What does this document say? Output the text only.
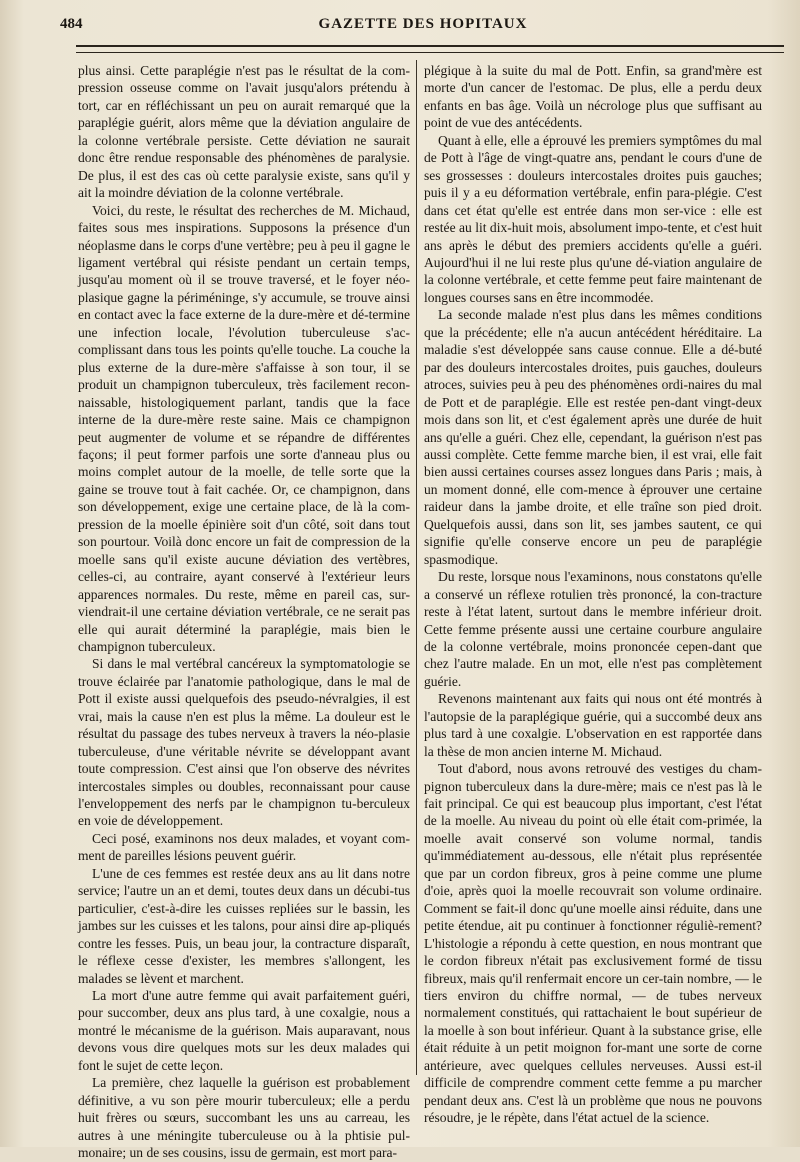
484	GAZETTE DES HOPITAUX

plus ainsi. Cette paraplégie n'est pas le résultat de la com-pression osseuse comme on l'avait jusqu'alors prétendu à tort, car en réfléchissant un peu on aurait remarqué que la paraplégie guérit, alors même que la déviation angulaire de la colonne vertébrale persiste. Cette déviation ne saurait donc être rendue responsable des phénomènes de paralysie. De plus, il est des cas où cette paralysie existe, sans qu'il y ait la moindre déviation de la colonne vertébrale.

Voici, du reste, le résultat des recherches de M. Michaud, faites sous mes inspirations. Supposons la présence d'un néoplasme dans le corps d'une vertèbre; peu à peu il gagne le ligament vertébral qui résiste pendant un certain temps, jusqu'au moment où il se trouve traversé, et le foyer néo-plasique gagne la périméninge, s'y accumule, se trouve ainsi en contact avec la face externe de la dure-mère et dé-termine une infection locale, l'évolution tuberculeuse s'ac-complissant dans tous les points qu'elle touche. La couche la plus externe de la dure-mère s'affaisse à son tour, il se produit un champignon tuberculeux, très facilement recon-naissable, histologiquement parlant, tandis que la face interne de la dure-mère reste saine. Mais ce champignon peut augmenter de volume et se répandre de différentes façons; il peut former parfois une sorte d'anneau plus ou moins complet autour de la moelle, de telle sorte que la gaine se trouve tout à fait cachée. Or, ce champignon, dans son développement, exige une certaine place, de là la com-pression de la moelle épinière soit d'un côté, soit dans tout son pourtour. Voilà donc encore un fait de compression de la moelle sans qu'il existe aucune déviation des vertèbres, celles-ci, au contraire, ayant conservé à l'extérieur leurs apparences normales. Du reste, même en pareil cas, sur-viendrait-il une certaine déviation vertébrale, ce ne serait pas elle qui aurait déterminé la paraplégie, mais bien le champignon tuberculeux.

Si dans le mal vertébral cancéreux la symptomatologie se trouve éclairée par l'anatomie pathologique, dans le mal de Pott il existe aussi quelquefois des pseudo-névralgies, il est vrai, mais la cause n'en est plus la même. La douleur est le résultat du passage des tubes nerveux à travers la néo-plasie tuberculeuse, d'une véritable névrite se développant avant toute compression. C'est ainsi que l'on observe des névrites intercostales simples ou doubles, reconnaissant pour cause l'enveloppement des nerfs par le champignon tu-berculeux en voie de développement.

Ceci posé, examinons nos deux malades, et voyant com-ment de pareilles lésions peuvent guérir.

L'une de ces femmes est restée deux ans au lit dans notre service; l'autre un an et demi, toutes deux dans un décubi-tus particulier, c'est-à-dire les cuisses repliées sur le bassin, les jambes sur les cuisses et les talons, pour ainsi dire ap-pliqués contre les fesses. Puis, un beau jour, la contracture disparaît, le réflexe cesse d'exister, les membres s'allongent, les malades se lèvent et marchent.

La mort d'une autre femme qui avait parfaitement guéri, pour succomber, deux ans plus tard, à une coxalgie, nous a montré le mécanisme de la guérison. Mais auparavant, nous devons vous dire quelques mots sur les deux malades qui font le sujet de cette leçon.

La première, chez laquelle la guérison est probablement définitive, a vu son père mourir tuberculeux; elle a perdu huit frères ou sœurs, succombant les uns au carreau, les autres à une méningite tuberculeuse ou à la phtisie pul-monaire; un de ses cousins, issu de germain, est mort para-

plégique à la suite du mal de Pott. Enfin, sa grand'mère est morte d'un cancer de l'estomac. De plus, elle a perdu deux enfants en bas âge. Voilà un nécrologe plus que suffisant au point de vue des antécédents.

Quant à elle, elle a éprouvé les premiers symptômes du mal de Pott à l'âge de vingt-quatre ans, pendant le cours d'une de ses grossesses : douleurs intercostales droites puis gauches; puis il y a eu déformation vertébrale, enfin para-plégie. C'est dans cet état qu'elle est entrée dans mon ser-vice : elle est restée au lit dix-huit mois, absolument impo-tente, et c'est huit ans après le début des premiers accidents qu'elle a guéri. Aujourd'hui il ne lui reste plus qu'une dé-viation angulaire de la colonne vertébrale, et cette femme peut faire maintenant de longues courses sans en être incommodée.

La seconde malade n'est plus dans les mêmes conditions que la précédente; elle n'a aucun antécédent héréditaire. La maladie s'est développée sans cause connue. Elle a dé-buté par des douleurs intercostales droites, puis gauches, douleurs atroces, suivies peu à peu des phénomènes ordi-naires du mal de Pott et de paraplégie. Elle est restée pen-dant vingt-deux mois dans son lit, et c'est également après une durée de huit ans qu'elle a guéri. Chez elle, cependant, la guérison n'est pas aussi complète. Cette femme marche bien, il est vrai, elle fait bien aussi certaines courses assez longues dans Paris ; mais, à un moment donné, elle com-mence à éprouver une certaine raideur dans la jambe droite, et elle traîne son pied droit. Quelquefois aussi, dans son lit, ses jambes sautent, ce qui signifie qu'elle conserve encore un peu de paraplégie spasmodique.

Du reste, lorsque nous l'examinons, nous constatons qu'elle a conservé un réflexe rotulien très prononcé, la con-tracture reste à l'état latent, surtout dans le membre inférieur droit. Cette femme présente aussi une certaine courbure angulaire de la colonne vertébrale, moins prononcée cepen-dant que chez l'autre malade. En un mot, elle n'est pas complètement guérie.

Revenons maintenant aux faits qui nous ont été montrés à l'autopsie de la paraplégique guérie, qui a succombé deux ans plus tard à une coxalgie. L'observation en est rapportée dans la thèse de mon ancien interne M. Michaud.

Tout d'abord, nous avons retrouvé des vestiges du cham-pignon tuberculeux dans la dure-mère; mais ce n'est pas là le fait principal. Ce qui est beaucoup plus important, c'est l'état de la moelle. Au niveau du point où elle était com-primée, la moelle avait conservé son volume normal, tandis qu'immédiatement au-dessous, elle n'était plus représentée que par un cordon fibreux, gros à peine comme une plume d'oie, après quoi la moelle recouvrait son volume ordinaire. Comment se fait-il donc qu'une moelle ainsi réduite, dans une petite étendue, ait pu continuer à fonctionner réguliè-rement? L'histologie a répondu à cette question, en nous montrant que le cordon fibreux n'était pas exclusivement formé de tissu fibreux, mais qu'il renfermait encore un cer-tain nombre, — le tiers environ du chiffre normal, — de tubes nerveux normalement constitués, qui rattachaient le bout supérieur de la moelle à son bout inférieur. Quant à la substance grise, elle était réduite à un petit moignon for-mant une sorte de corne antérieure, avec quelques cellules nerveuses. Aussi est-il difficile de comprendre comment cette femme a pu marcher pendant deux ans. C'est là un problème que nous ne pouvons résoudre, je le répète, dans l'état actuel de la science.
